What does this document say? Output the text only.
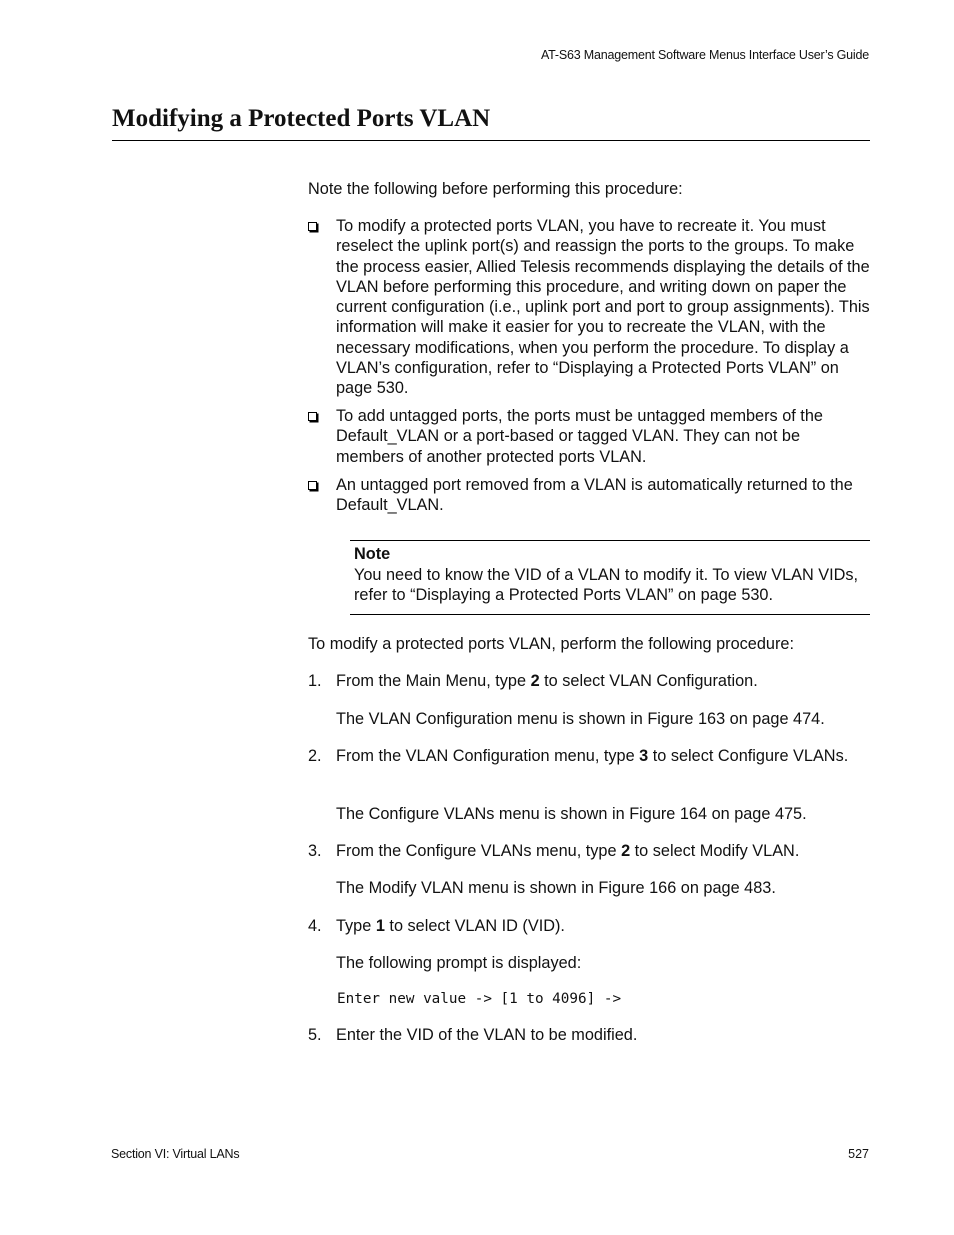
AT-S63 Management Software Menus Interface User’s Guide
Modifying a Protected Ports VLAN

Note the following before performing this procedure:

To modify a protected ports VLAN, you have to recreate it. You must reselect the uplink port(s) and reassign the ports to the groups. To make the process easier, Allied Telesis recommends displaying the details of the VLAN before performing this procedure, and writing down on paper the current configuration (i.e., uplink port and port to group assignments). This information will make it easier for you to recreate the VLAN, with the necessary modifications, when you perform the procedure. To display a VLAN’s configuration, refer to “Displaying a Protected Ports VLAN” on page 530.
To add untagged ports, the ports must be untagged members of the Default_VLAN or a port-based or tagged VLAN. They can not be members of another protected ports VLAN.
An untagged port removed from a VLAN is automatically returned to the Default_VLAN.
Note
You need to know the VID of a VLAN to modify it. To view VLAN VIDs, refer to “Displaying a Protected Ports VLAN” on page 530.

To modify a protected ports VLAN, perform the following procedure:

1. From the Main Menu, type 2 to select VLAN Configuration.
The VLAN Configuration menu is shown in Figure 163 on page 474.
2. From the VLAN Configuration menu, type 3 to select Configure VLANs.
The Configure VLANs menu is shown in Figure 164 on page 475.
3. From the Configure VLANs menu, type 2 to select Modify VLAN.
The Modify VLAN menu is shown in Figure 166 on page 483.
4. Type 1 to select VLAN ID (VID).
The following prompt is displayed:
Enter new value -> [1 to 4096] ->
5. Enter the VID of the VLAN to be modified.
Section VI: Virtual LANs	527
